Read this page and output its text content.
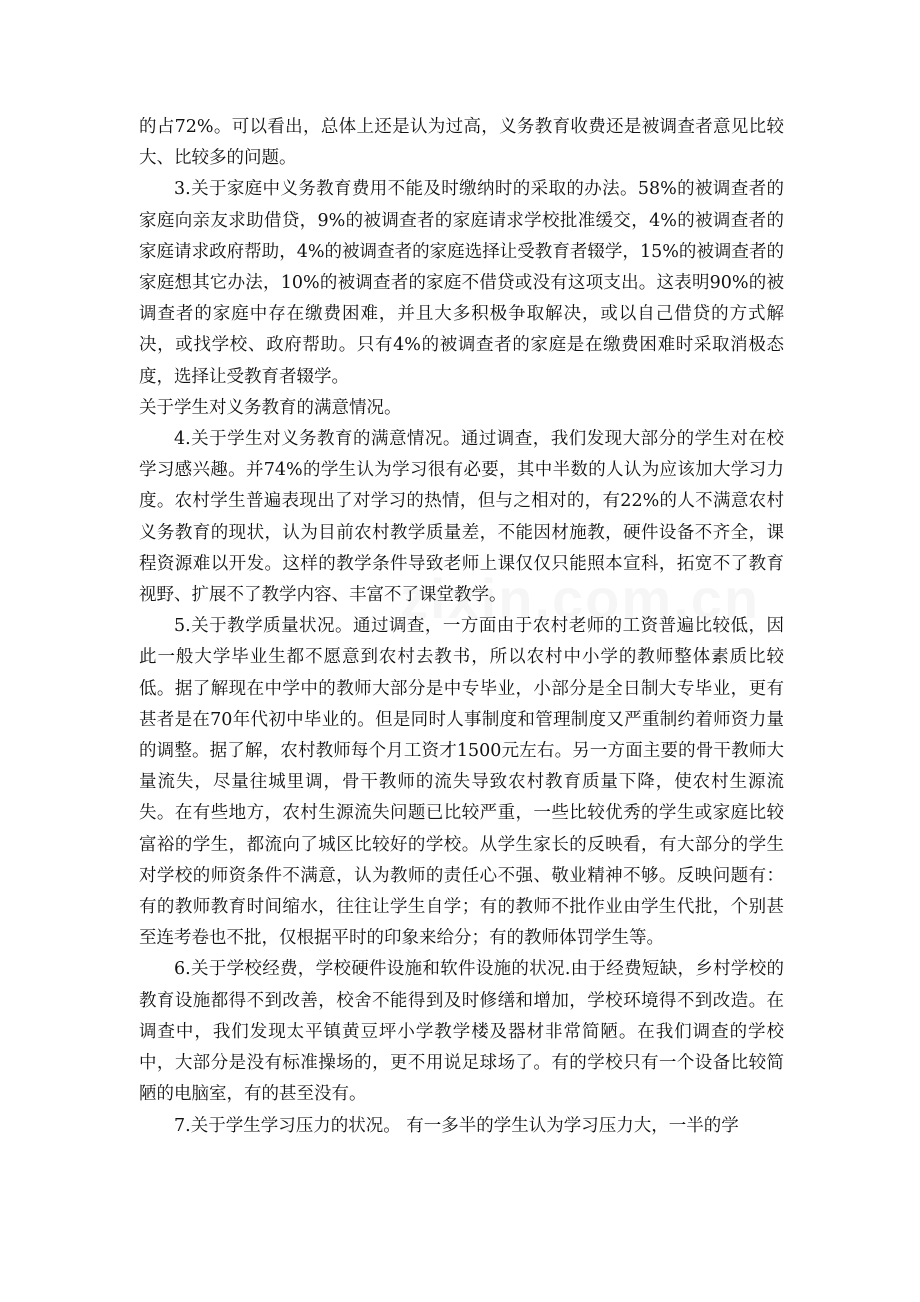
的占72%。可以看出，总体上还是认为过高，义务教育收费还是被调查者意见比较大、比较多的问题。

3.关于家庭中义务教育费用不能及时缴纳时的采取的办法。58%的被调查者的家庭向亲友求助借贷，9%的被调查者的家庭请求学校批准缓交，4%的被调查者的家庭请求政府帮助，4%的被调查者的家庭选择让受教育者辍学，15%的被调查者的家庭想其它办法，10%的被调查者的家庭不借贷或没有这项支出。这表明90%的被调查者的家庭中存在缴费困难，并且大多积极争取解决，或以自己借贷的方式解决，或找学校、政府帮助。只有4%的被调查者的家庭是在缴费困难时采取消极态度，选择让受教育者辍学。

关于学生对义务教育的满意情况。

4.关于学生对义务教育的满意情况。通过调查，我们发现大部分的学生对在校学习感兴趣。并74%的学生认为学习很有必要，其中半数的人认为应该加大学习力度。农村学生普遍表现出了对学习的热情，但与之相对的，有22%的人不满意农村义务教育的现状，认为目前农村教学质量差，不能因材施教，硬件设备不齐全，课程资源难以开发。这样的教学条件导致老师上课仅仅只能照本宣科，拓宽不了教育视野、扩展不了教学内容、丰富不了课堂教学。

5.关于教学质量状况。通过调查，一方面由于农村老师的工资普遍比较低，因此一般大学毕业生都不愿意到农村去教书，所以农村中小学的教师整体素质比较低。据了解现在中学中的教师大部分是中专毕业，小部分是全日制大专毕业，更有甚者是在70年代初中毕业的。但是同时人事制度和管理制度又严重制约着师资力量的调整。据了解，农村教师每个月工资才1500元左右。另一方面主要的骨干教师大量流失，尽量往城里调，骨干教师的流失导致农村教育质量下降，使农村生源流失。在有些地方，农村生源流失问题已比较严重，一些比较优秀的学生或家庭比较富裕的学生，都流向了城区比较好的学校。从学生家长的反映看，有大部分的学生对学校的师资条件不满意，认为教师的责任心不强、敬业精神不够。反映问题有：有的教师教育时间缩水，往往让学生自学；有的教师不批作业由学生代批，个别甚至连考卷也不批，仅根据平时的印象来给分；有的教师体罚学生等。

6.关于学校经费，学校硬件设施和软件设施的状况.由于经费短缺，乡村学校的教育设施都得不到改善，校舍不能得到及时修缮和增加，学校环境得不到改造。在调查中，我们发现太平镇黄豆坪小学教学楼及器材非常简陋。在我们调查的学校中，大部分是没有标准操场的，更不用说足球场了。有的学校只有一个设备比较简陋的电脑室，有的甚至没有。

7.关于学生学习压力的状况。 有一多半的学生认为学习压力大，一半的学
